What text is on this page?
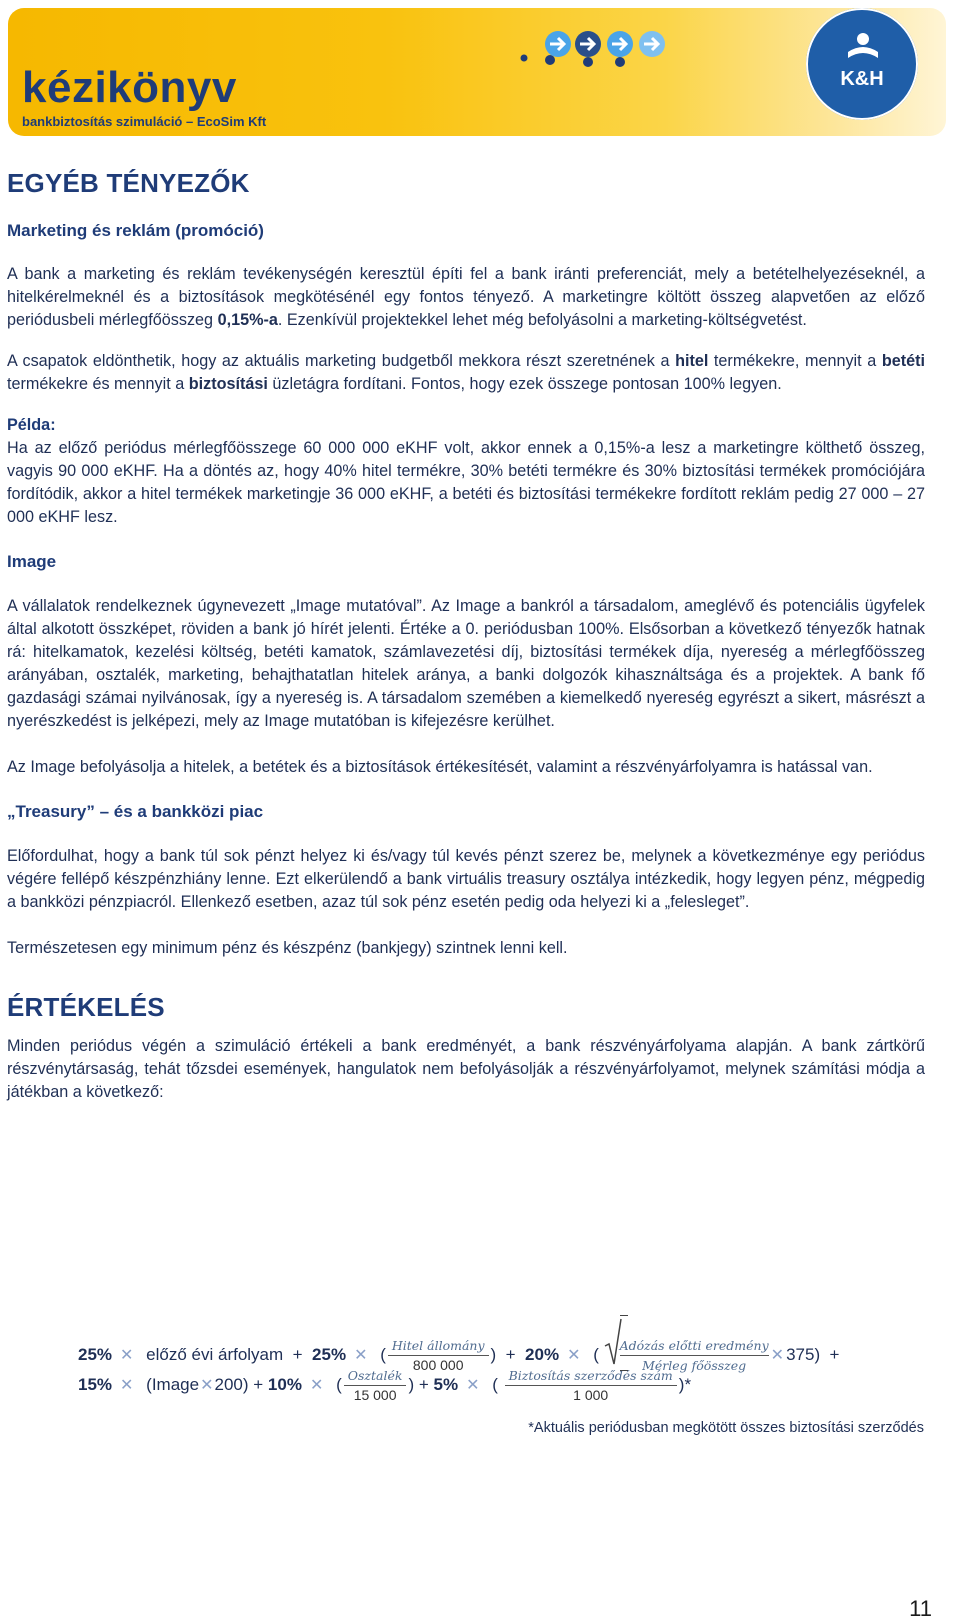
kézikönyv
bankbiztosítás szimuláció – EcoSim Kft
K&H
EGYÉB TÉNYEZŐK
Marketing és reklám (promóció)

A bank a marketing és reklám tevékenységén keresztül építi fel a bank iránti preferenciát, mely a betételhelyezéseknél, a hitelkérelmeknél és a biztosítások megkötésénél egy fontos tényező. A marketingre költött összeg alapvetően az előző periódusbeli mérlegfőösszeg 0,15%-a. Ezenkívül projektekkel lehet még befolyásolni a marketing-költségvetést.

A csapatok eldönthetik, hogy az aktuális marketing budgetből mekkora részt szeretnének a hitel termékekre, mennyit a betéti termékekre és mennyit a biztosítási üzletágra fordítani. Fontos, hogy ezek összege pontosan 100% legyen.

Példa:

Ha az előző periódus mérlegfőösszege 60 000 000 eKHF volt, akkor ennek a 0,15%-a lesz a marketingre költhető összeg, vagyis 90 000 eKHF. Ha a döntés az, hogy 40% hitel termékre, 30% betéti termékre és 30% biztosítási termékek promóciójára fordítódik, akkor a hitel termékek marketingje 36 000 eKHF, a betéti és biztosítási termékekre fordított reklám pedig 27 000 – 27 000 eKHF lesz.

Image

A vállalatok rendelkeznek úgynevezett „Image mutatóval”. Az Image a bankról a társadalom, ameglévő és potenciális ügyfelek által alkotott összképet, röviden a bank jó hírét jelenti. Értéke a 0. periódusban 100%. Elsősorban a következő tényezők hatnak rá: hitelkamatok, kezelési költség, betéti kamatok, számlavezetési díj, biztosítási termékek díja, nyereség a mérlegfőösszeg arányában, osztalék, marketing, behajthatatlan hitelek aránya, a banki dolgozók kihasználtsága és a projektek. A bank fő gazdasági számai nyilvánosak, így a nyereség is. A társadalom szemében a kiemelkedő nyereség egyrészt a sikert, másrészt a nyerészkedést is jelképezi, mely az Image mutatóban is kifejezésre kerülhet.

Az Image befolyásolja a hitelek, a betétek és a biztosítások értékesítését, valamint a részvényárfolyamra is hatással van.

„Treasury” – és a bankközi piac

Előfordulhat, hogy a bank túl sok pénzt helyez ki és/vagy túl kevés pénzt szerez be, melynek a következménye egy periódus végére fellépő készpénzhiány lenne. Ezt elkerülendő a bank virtuális treasury osztálya intézkedik, hogy legyen pénz, mégpedig a bankközi pénzpiacról. Ellenkező esetben, azaz túl sok pénz esetén pedig oda helyezi ki a „felesleget”.

Természetesen egy minimum pénz és készpénz (bankjegy) szintnek lenni kell.

ÉRTÉKELÉS

Minden periódus végén a szimuláció értékeli a bank eredményét, a bank részvényárfolyama alapján. A bank zártkörű részvénytársaság, tehát tőzsdei események, hangulatok nem befolyásolják a részvényárfolyamot, melynek számítási módja a játékban a következő:

25% ✕ előző évi árfolyam + 25% ✕ ( $\frac{\text{Hitel állomány}}{800 000}$ )  + 20% ✕ ( Adózás előtti eredmény
Mérleg főösszeg
✕ 375)  +
15% ✕ (Image✕200) + 10% ✕ ( $\frac{\text{Osztalék}}{15 000}$ ) + 5% ✕ ( $\frac{\text{Biztosítás szerződés szám}}{1 000}$ )*
*Aktuális periódusban megkötött összes biztosítási szerződés
11
